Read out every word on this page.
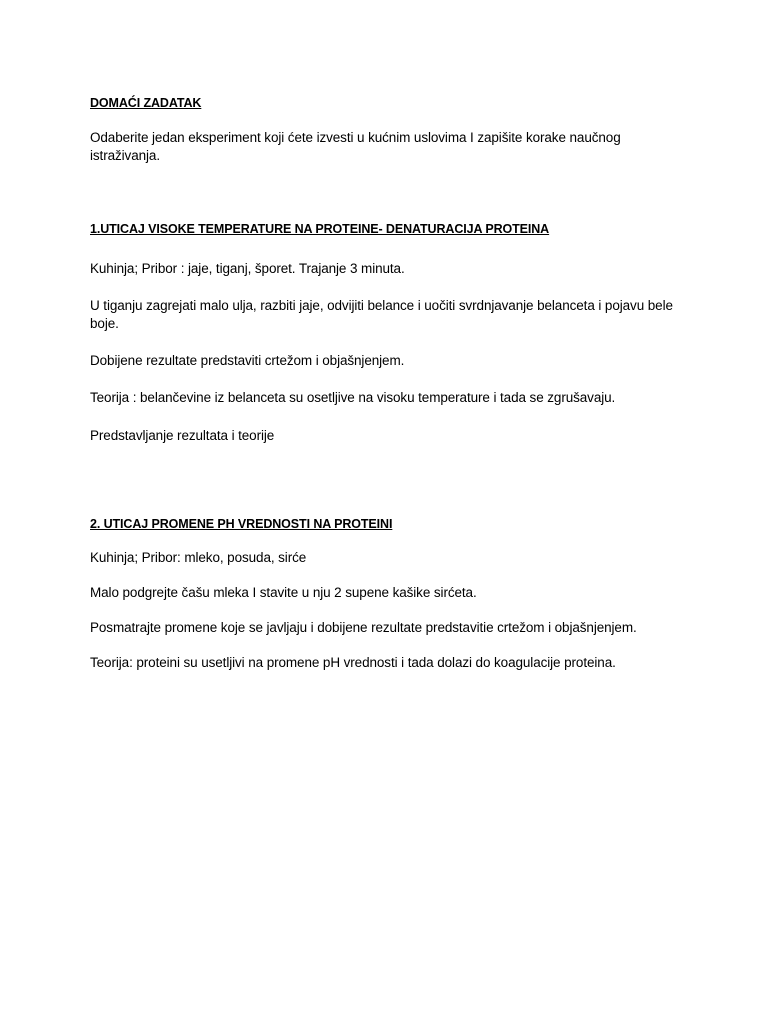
DOMAĆI ZADATAK

Odaberite jedan eksperiment koji ćete izvesti u kućnim uslovima I zapišite korake naučnog istraživanja.

1.UTICAJ VISOKE TEMPERATURE NA PROTEINE- DENATURACIJA PROTEINA

Kuhinja; Pribor : jaje, tiganj, šporet. Trajanje 3 minuta.

U tiganju zagrejati malo ulja, razbiti jaje, odvijiti belance i uočiti svrdnjavanje belanceta i pojavu bele boje.

Dobijene rezultate predstaviti crtežom i objašnjenjem.

Teorija : belančevine iz belanceta su osetljive na visoku temperature i tada se zgrušavaju.

Predstavljanje rezultata i teorije

2. UTICAJ PROMENE PH VREDNOSTI NA PROTEINI

Kuhinja; Pribor: mleko, posuda, sirće

Malo podgrejte čašu mleka I stavite u nju 2 supene kašike sirćeta.

Posmatrajte promene koje se javljaju i dobijene rezultate predstavitie crtežom i objašnjenjem.

Teorija: proteini su usetljivi na promene pH vrednosti i tada dolazi do koagulacije proteina.
